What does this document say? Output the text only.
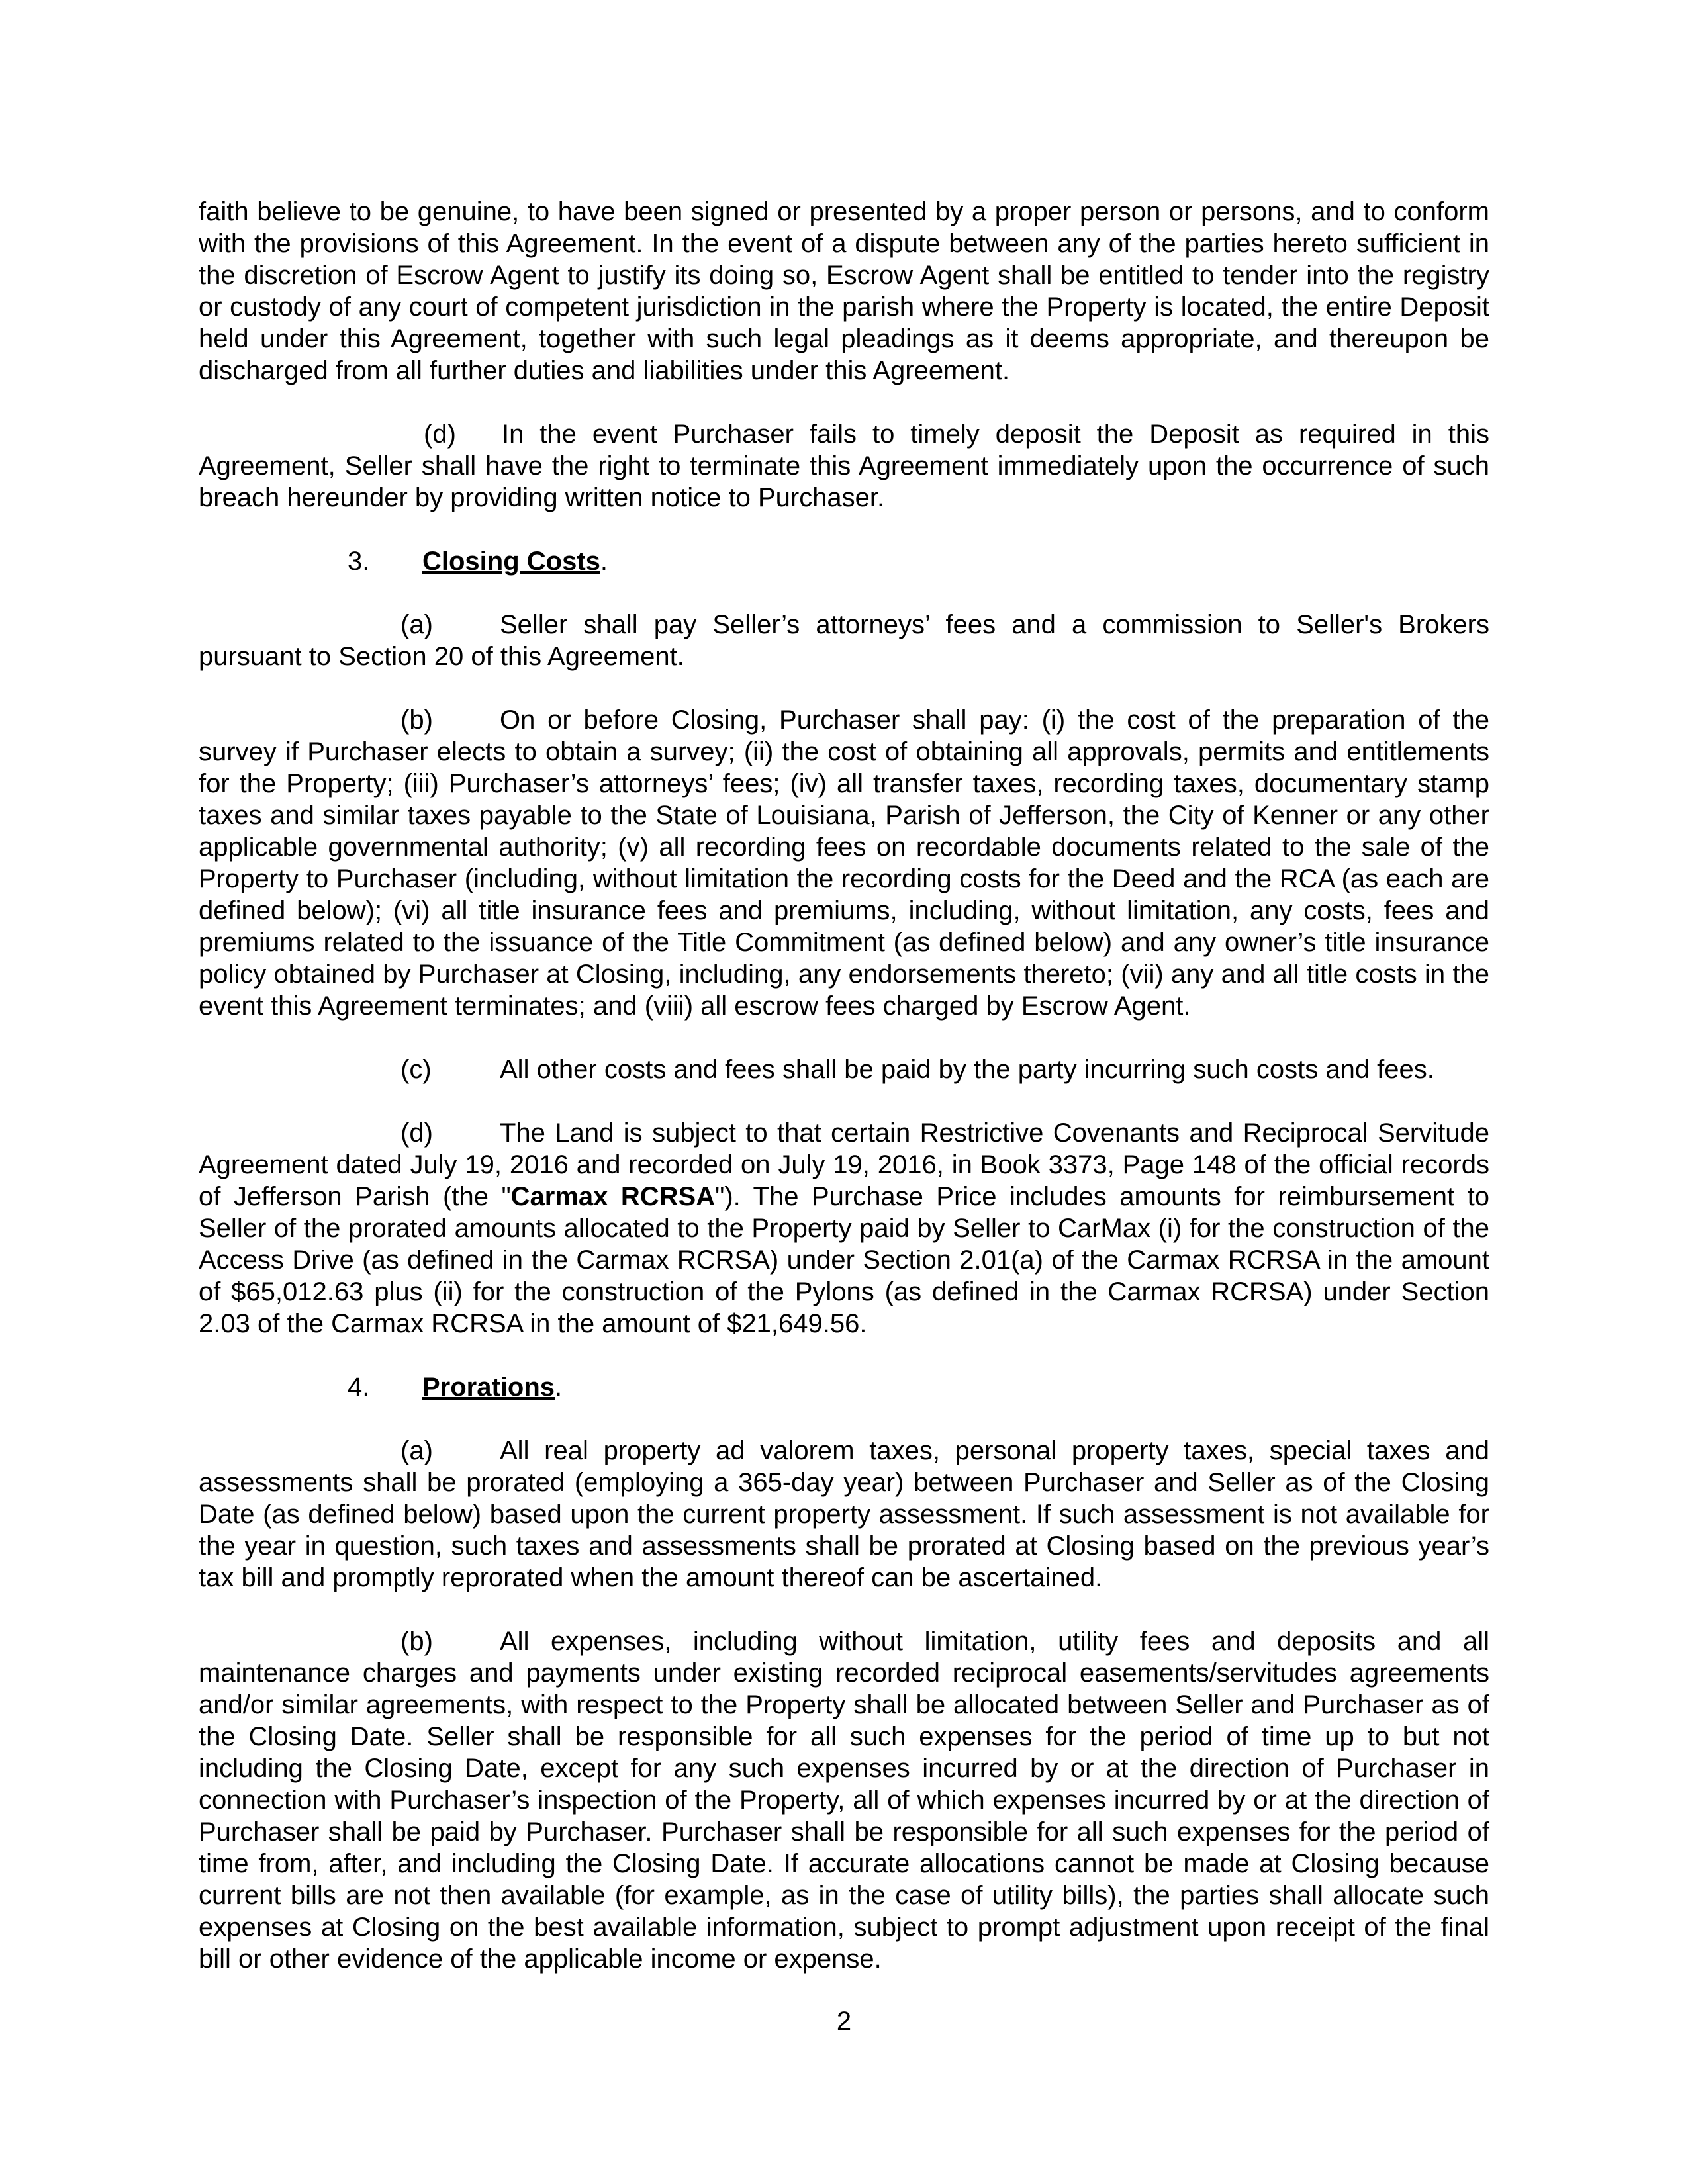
faith believe to be genuine, to have been signed or presented by a proper person or persons, and to conform with the provisions of this Agreement. In the event of a dispute between any of the parties hereto sufficient in the discretion of Escrow Agent to justify its doing so, Escrow Agent shall be entitled to tender into the registry or custody of any court of competent jurisdiction in the parish where the Property is located, the entire Deposit held under this Agreement, together with such legal pleadings as it deems appropriate, and thereupon be discharged from all further duties and liabilities under this Agreement.

(d) In the event Purchaser fails to timely deposit the Deposit as required in this Agreement, Seller shall have the right to terminate this Agreement immediately upon the occurrence of such breach hereunder by providing written notice to Purchaser.

3. Closing Costs.

(a)	Seller shall pay Seller’s attorneys’ fees and a commission to Seller's Brokers pursuant to Section 20 of this Agreement.

(b)	On or before Closing, Purchaser shall pay: (i) the cost of the preparation of the survey if Purchaser elects to obtain a survey; (ii) the cost of obtaining all approvals, permits and entitlements for the Property; (iii) Purchaser’s attorneys’ fees; (iv) all transfer taxes, recording taxes, documentary stamp taxes and similar taxes payable to the State of Louisiana, Parish of Jefferson, the City of Kenner or any other applicable governmental authority; (v) all recording fees on recordable documents related to the sale of the Property to Purchaser (including, without limitation the recording costs for the Deed and the RCA (as each are defined below); (vi) all title insurance fees and premiums, including, without limitation, any costs, fees and premiums related to the issuance of the Title Commitment (as defined below) and any owner’s title insurance policy obtained by Purchaser at Closing, including, any endorsements thereto; (vii) any and all title costs in the event this Agreement terminates; and (viii) all escrow fees charged by Escrow Agent.

(c)	All other costs and fees shall be paid by the party incurring such costs and fees.

(d)	The Land is subject to that certain Restrictive Covenants and Reciprocal Servitude Agreement dated July 19, 2016 and recorded on July 19, 2016, in Book 3373, Page 148 of the official records of Jefferson Parish (the "Carmax RCRSA"). The Purchase Price includes amounts for reimbursement to Seller of the prorated amounts allocated to the Property paid by Seller to CarMax (i) for the construction of the Access Drive (as defined in the Carmax RCRSA) under Section 2.01(a) of the Carmax RCRSA in the amount of $65,012.63 plus (ii) for the construction of the Pylons (as defined in the Carmax RCRSA) under Section 2.03 of the Carmax RCRSA in the amount of $21,649.56.

4. Prorations.

(a)	All real property ad valorem taxes, personal property taxes, special taxes and assessments shall be prorated (employing a 365-day year) between Purchaser and Seller as of the Closing Date (as defined below) based upon the current property assessment. If such assessment is not available for the year in question, such taxes and assessments shall be prorated at Closing based on the previous year’s tax bill and promptly reprorated when the amount thereof can be ascertained.

(b)	All expenses, including without limitation, utility fees and deposits and all maintenance charges and payments under existing recorded reciprocal easements/servitudes agreements and/or similar agreements, with respect to the Property shall be allocated between Seller and Purchaser as of the Closing Date. Seller shall be responsible for all such expenses for the period of time up to but not including the Closing Date, except for any such expenses incurred by or at the direction of Purchaser in connection with Purchaser’s inspection of the Property, all of which expenses incurred by or at the direction of Purchaser shall be paid by Purchaser. Purchaser shall be responsible for all such expenses for the period of time from, after, and including the Closing Date. If accurate allocations cannot be made at Closing because current bills are not then available (for example, as in the case of utility bills), the parties shall allocate such expenses at Closing on the best available information, subject to prompt adjustment upon receipt of the final bill or other evidence of the applicable income or expense.

2
